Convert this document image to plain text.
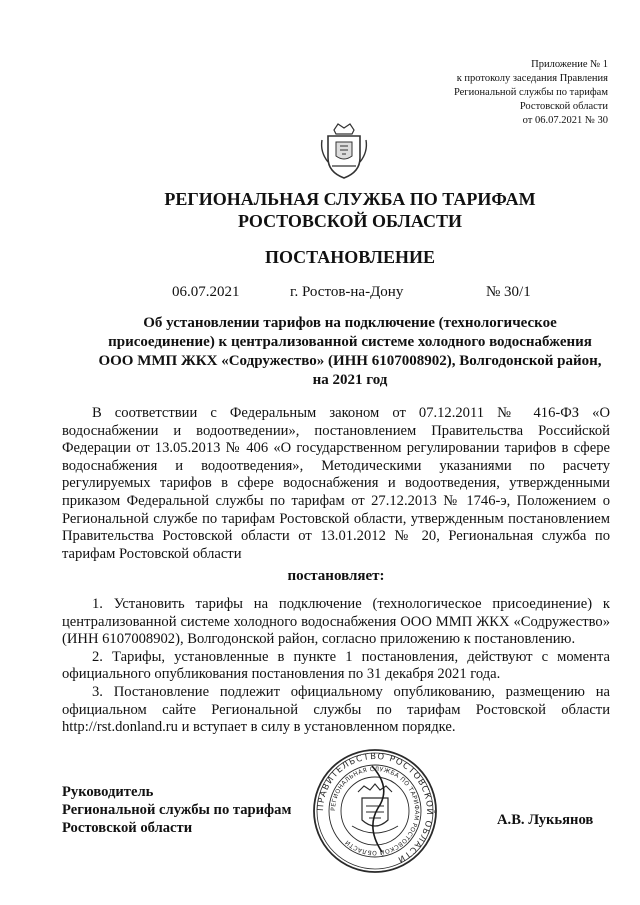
Приложение № 1
к протоколу заседания Правления
Региональной службы по тарифам
Ростовской области
от 06.07.2021 № 30
РЕГИОНАЛЬНАЯ СЛУЖБА ПО ТАРИФАМ
РОСТОВСКОЙ ОБЛАСТИ
ПОСТАНОВЛЕНИЕ
06.07.2021	г. Ростов-на-Дону	№ 30/1
Об установлении тарифов на подключение (технологическое
присоединение) к централизованной системе холодного водоснабжения
ООО ММП ЖКХ «Содружество» (ИНН 6107008902), Волгодонской район,
на 2021 год
В соответствии с Федеральным законом от 07.12.2011 № 416-ФЗ «О водоснабжении и водоотведении», постановлением Правительства Российской Федерации от 13.05.2013 № 406 «О государственном регулировании тарифов в сфере водоснабжения и водоотведения», Методическими указаниями по расчету регулируемых тарифов в сфере водоснабжения и водоотведения, утвержденными приказом Федеральной службы по тарифам от 27.12.2013 № 1746-э, Положением о Региональной службе по тарифам Ростовской области, утвержденным постановлением Правительства Ростовской области от 13.01.2012 № 20, Региональная служба по тарифам Ростовской области
постановляет:

1. Установить тарифы на подключение (технологическое присоединение) к централизованной системе холодного водоснабжения ООО ММП ЖКХ «Содружество» (ИНН 6107008902), Волгодонской район, согласно приложению к постановлению.

2. Тарифы, установленные в пункте 1 постановления, действуют с момента официального опубликования постановления по 31 декабря 2021 года.

3. Постановление подлежит официальному опубликованию, размещению на официальном сайте Региональной службы по тарифам Ростовской области http://rst.donland.ru и вступает в силу в установленном порядке.

Руководитель
Региональной службы по тарифам
Ростовской области
ПРАВИТЕЛЬСТВО РОСТОВСКОЙ ОБЛАСТИ
РЕГИОНАЛЬНАЯ СЛУЖБА ПО ТАРИФАМ РОСТОВСКОЙ ОБЛАСТИ
А.В. Лукьянов
